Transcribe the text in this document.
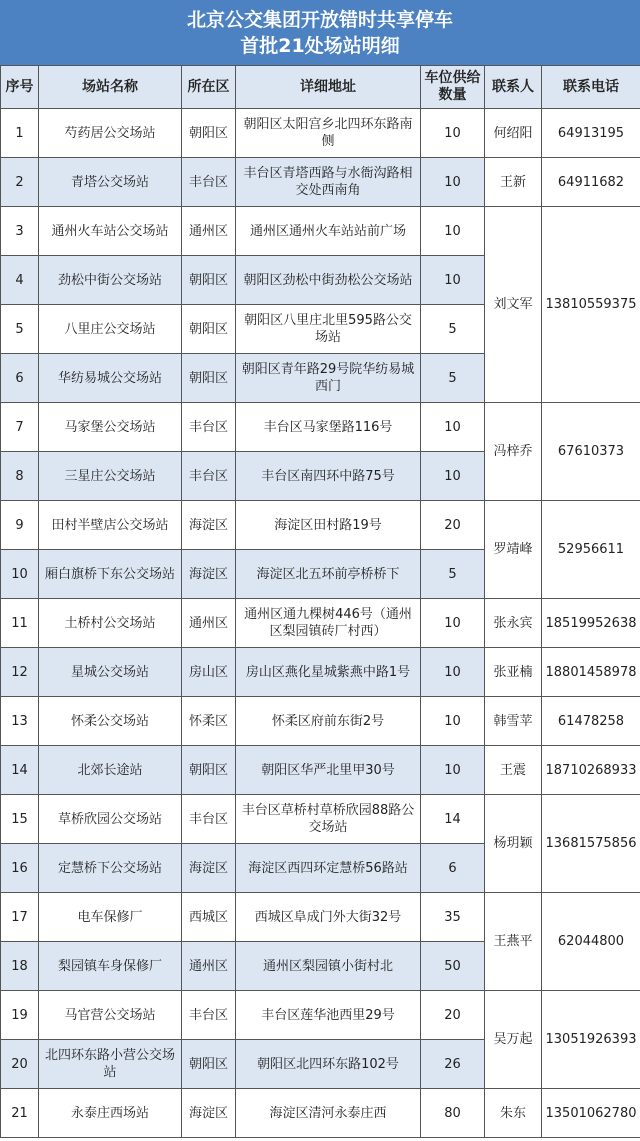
北京公交集团开放错时共享停车
首批21处场站明细
序号	场站名称	所在区	详细地址	车位供给数量	联系人	联系电话
1	芍药居公交场站	朝阳区	朝阳区太阳宫乡北四环东路南侧	10	何绍阳	64913195
2	青塔公交场站	丰台区	丰台区青塔西路与水衙沟路相交处西南角	10	王新	64911682
3	通州火车站公交场站	通州区	通州区通州火车站站前广场	10	刘文军	13810559375
4	劲松中街公交场站	朝阳区	朝阳区劲松中街劲松公交场站	10		
5	八里庄公交场站	朝阳区	朝阳区八里庄北里595路公交场站	5		
6	华纺易城公交场站	朝阳区	朝阳区青年路29号院华纺易城西门	5		
7	马家堡公交场站	丰台区	丰台区马家堡路116号	10	冯梓乔	67610373
8	三星庄公交场站	丰台区	丰台区南四环中路75号	10		
9	田村半壁店公交场站	海淀区	海淀区田村路19号	20	罗靖峰	52956611
10	厢白旗桥下东公交场站	海淀区	海淀区北五环前亭桥桥下	5		
11	土桥村公交场站	通州区	通州区通九棵树446号（通州区梨园镇砖厂村西）	10	张永宾	18519952638
12	星城公交场站	房山区	房山区燕化星城紫燕中路1号	10	张亚楠	18801458978
13	怀柔公交场站	怀柔区	怀柔区府前东街2号	10	韩雪苹	61478258
14	北郊长途站	朝阳区	朝阳区华严北里甲30号	10	王震	18710268933
15	草桥欣园公交场站	丰台区	丰台区草桥村草桥欣园88路公交场站	14	杨玥颖	13681575856
16	定慧桥下公交场站	海淀区	海淀区西四环定慧桥56路站	6		
17	电车保修厂	西城区	西城区阜成门外大街32号	35	王燕平	62044800
18	梨园镇车身保修厂	通州区	通州区梨园镇小街村北	50		
19	马官营公交场站	丰台区	丰台区莲华池西里29号	20	吴万起	13051926393
20	北四环东路小营公交场站	朝阳区	朝阳区北四环东路102号	26		
21	永泰庄西场站	海淀区	海淀区清河永泰庄西	80	朱东	13501062780
